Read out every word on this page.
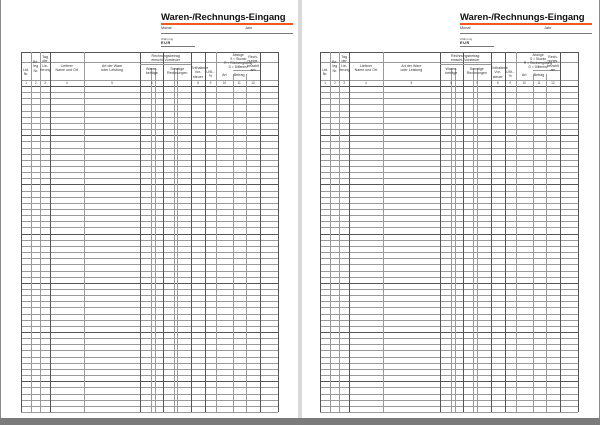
Waren-/Rechnungs-Eingang
Monat	Jahr
Währung
EUR
Lfd.
Nr.
1
Be-
leg
Nr.
2
Tag
der
Lie-
ferung
3
Lieferer
Name und Ort
4
Art der Ware
oder Leistung
5
Waren-
beträge
6
Sonstige
Rechnungen
7
Enthaltene
Vor-
steuer
8
USt.-
%
9
Art
10
Betrag
11
Rech-
nungs-
bezahlt
am
12
Rechnungsbetrag
einschl. Vorsteuer
Abzüge
S = Skonto
R = Rückvergütung
D = Differenz
Waren-/Rechnungs-Eingang
Monat	Jahr
Währung
EUR
Lfd.
Nr.
1
Be-
leg
Nr.
2
Tag
der
Lie-
ferung
3
Lieferer
Name und Ort
4
Art der Ware
oder Leistung
5
Waren-
beträge
6
Sonstige
Rechnungen
7
Enthaltene
Vor-
steuer
8
USt.-
%
9
Art
10
Betrag
11
Rech-
nungs-
bezahlt
am
12
Rechnungsbetrag
einschl. Vorsteuer
Abzüge
S = Skonto
R = Rückvergütung
D = Differenz
